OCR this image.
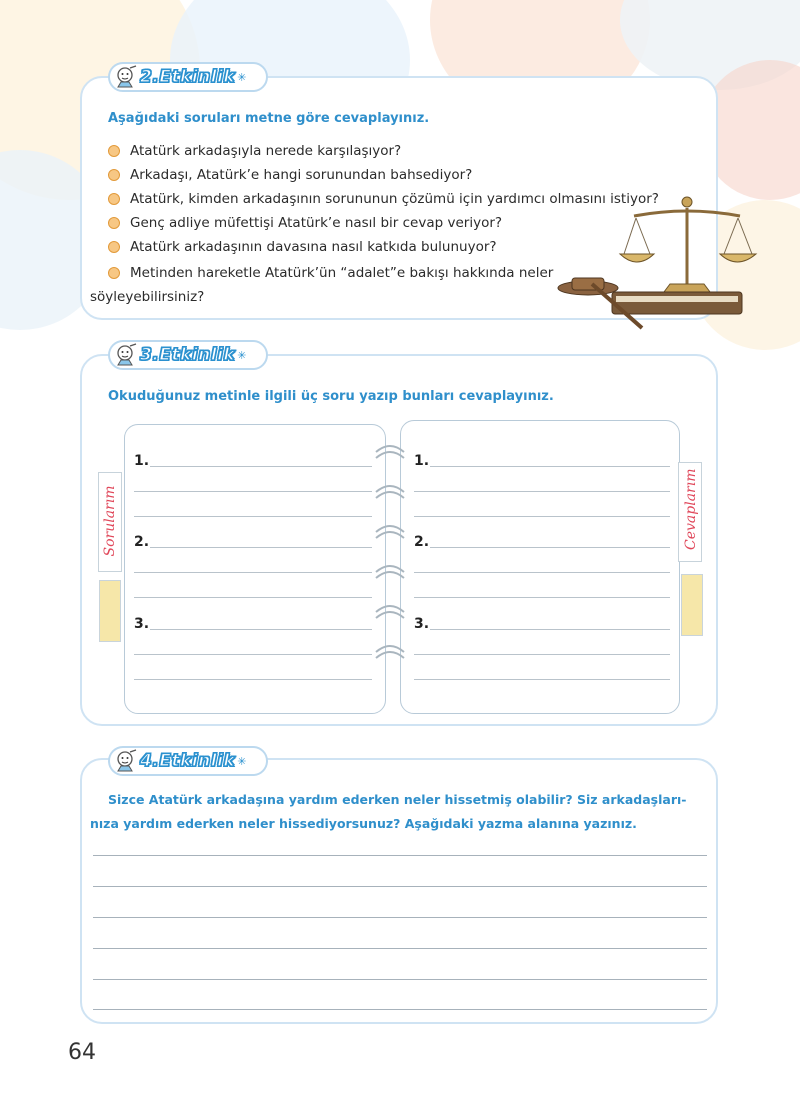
2.Etkinlik ✳
Aşağıdaki soruları metne göre cevaplayınız.
Atatürk arkadaşıyla nerede karşılaşıyor?
Arkadaşı, Atatürk’e hangi sorunundan bahsediyor?
Atatürk, kimden arkadaşının sorununun çözümü için yardımcı olmasını istiyor?
Genç adliye müfettişi Atatürk’e nasıl bir cevap veriyor?
Atatürk arkadaşının davasına nasıl katkıda bulunuyor?
Metinden hareketle Atatürk’ün “adalet”e bakışı hakkında neler
söyleyebilirsiniz?
3.Etkinlik ✳
Okuduğunuz metinle ilgili üç soru yazıp bunları cevaplayınız.
Sorularım	Cevaplarım
1.
2.
3.
1.
2.
3.
4.Etkinlik ✳
Sizce Atatürk arkadaşına yardım ederken neler hissetmiş olabilir? Siz arkadaşları-
nıza yardım ederken neler hissediyorsunuz? Aşağıdaki yazma alanına yazınız.
64
